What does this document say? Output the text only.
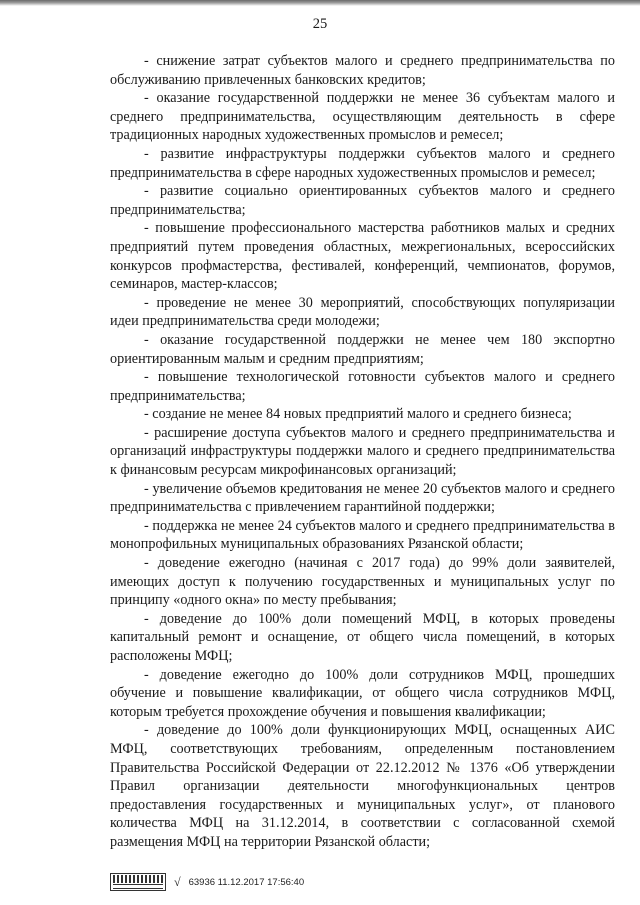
25

- снижение затрат субъектов малого и среднего предпринимательства по обслуживанию привлеченных банковских кредитов;

- оказание государственной поддержки не менее 36 субъектам малого и среднего предпринимательства, осуществляющим деятельность в сфере традиционных народных художественных промыслов и ремесел;

- развитие инфраструктуры поддержки субъектов малого и среднего предпринимательства в сфере народных художественных промыслов и ремесел;

- развитие социально ориентированных субъектов малого и среднего предпринимательства;

- повышение профессионального мастерства работников малых и средних предприятий путем проведения областных, межрегиональных, всероссийских конкурсов профмастерства, фестивалей, конференций, чемпионатов, форумов, семинаров, мастер-классов;

- проведение не менее 30 мероприятий, способствующих популяризации идеи предпринимательства среди молодежи;

- оказание государственной поддержки не менее чем 180 экспортно ориентированным малым и средним предприятиям;

- повышение технологической готовности субъектов малого и среднего предпринимательства;

- создание не менее 84 новых предприятий малого и среднего бизнеса;

- расширение доступа субъектов малого и среднего предпринимательства и организаций инфраструктуры поддержки малого и среднего предпринимательства к финансовым ресурсам микрофинансовых организаций;

- увеличение объемов кредитования не менее 20 субъектов малого и среднего предпринимательства с привлечением гарантийной поддержки;

- поддержка не менее 24 субъектов малого и среднего предпринимательства в монопрофильных муниципальных образованиях Рязанской области;

- доведение ежегодно (начиная с 2017 года) до 99% доли заявителей, имеющих доступ к получению государственных и муниципальных услуг по принципу «одного окна» по месту пребывания;

- доведение до 100% доли помещений МФЦ, в которых проведены капитальный ремонт и оснащение, от общего числа помещений, в которых расположены МФЦ;

- доведение ежегодно до 100% доли сотрудников МФЦ, прошедших обучение и повышение квалификации, от общего числа сотрудников МФЦ, которым требуется прохождение обучения и повышения квалификации;

- доведение до 100% доли функционирующих МФЦ, оснащенных АИС МФЦ, соответствующих требованиям, определенным постановлением Правительства Российской Федерации от 22.12.2012 № 1376 «Об утверждении Правил организации деятельности многофункциональных центров предоставления государственных и муниципальных услуг», от планового количества МФЦ на 31.12.2014, в соответствии с согласованной схемой размещения МФЦ на территории Рязанской области;

√ 63936 11.12.2017 17:56:40
